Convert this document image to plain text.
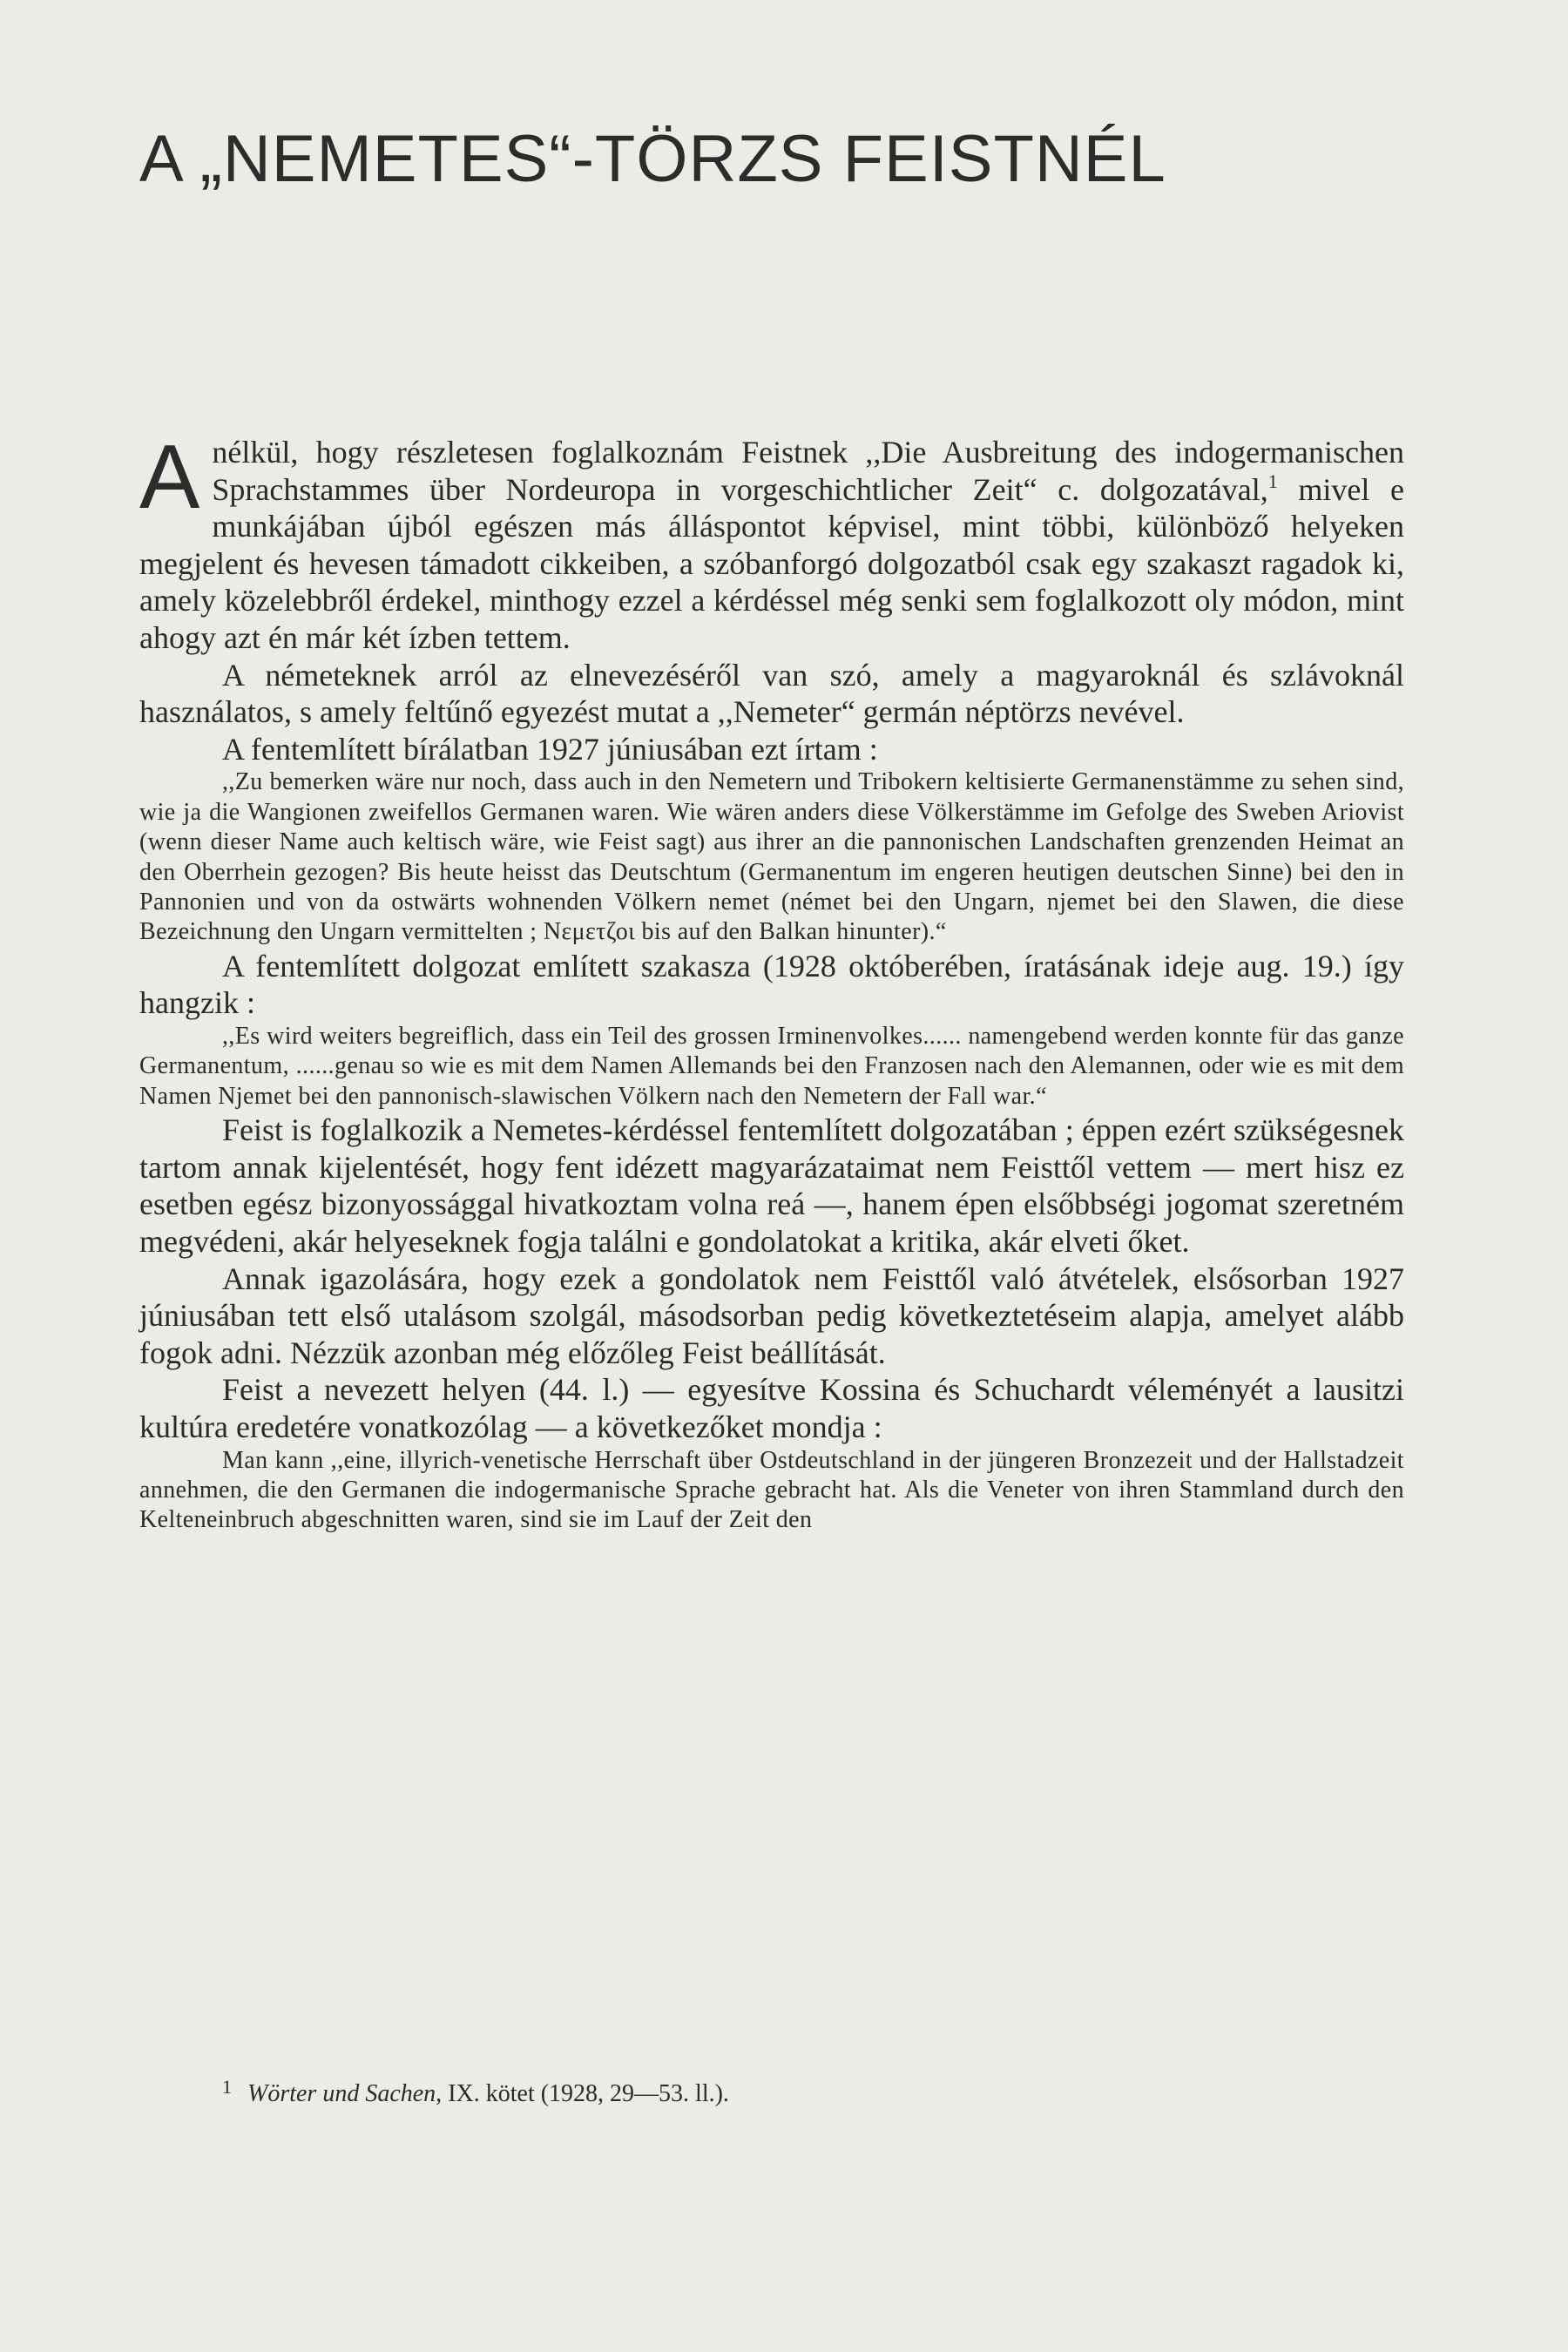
A „NEMETES“-TÖRZS FEISTNÉL

Anélkül, hogy részletesen foglalkoznám Feistnek ,,Die Ausbreitung des indogermanischen Sprachstammes über Nordeuropa in vorgeschichtlicher Zeit“ c. dolgozatával,$^1$ mivel e munkájában újból egészen más álláspontot képvisel, mint többi, különböző helyeken megjelent és hevesen támadott cikkeiben, a szóbanforgó dolgozatból csak egy szakaszt ragadok ki, amely közelebbről érdekel, minthogy ezzel a kérdéssel még senki sem foglalkozott oly módon, mint ahogy azt én már két ízben tettem.

A németeknek arról az elnevezéséről van szó, amely a magyaroknál és szlávoknál használatos, s amely feltűnő egyezést mutat a ,,Nemeter“ germán néptörzs nevével.

A fentemlített bírálatban 1927 júniusában ezt írtam :

,,Zu bemerken wäre nur noch, dass auch in den Nemetern und Tribokern keltisierte Germanenstämme zu sehen sind, wie ja die Wangionen zweifellos Germanen waren. Wie wären anders diese Völkerstämme im Gefolge des Sweben Ariovist (wenn dieser Name auch keltisch wäre, wie Feist sagt) aus ihrer an die pannonischen Landschaften grenzenden Heimat an den Oberrhein gezogen? Bis heute heisst das Deutschtum (Germanentum im engeren heutigen deutschen Sinne) bei den in Pannonien und von da ostwärts wohnenden Völkern nemet (német bei den Ungarn, njemet bei den Slawen, die diese Bezeichnung den Ungarn vermittelten ; Νεμετζοι bis auf den Balkan hinunter).“

A fentemlített dolgozat említett szakasza (1928 októberében, íratásának ideje aug. 19.) így hangzik :

,,Es wird weiters begreiflich, dass ein Teil des grossen Irminenvolkes...... namengebend werden konnte für das ganze Germanentum, ......genau so wie es mit dem Namen Allemands bei den Franzosen nach den Alemannen, oder wie es mit dem Namen Njemet bei den pannonisch-slawischen Völkern nach den Nemetern der Fall war.“

Feist is foglalkozik a Nemetes-kérdéssel fentemlített dolgozatában ; éppen ezért szükségesnek tartom annak kijelentését, hogy fent idézett magyarázataimat nem Feisttől vettem — mert hisz ez esetben egész bizonyossággal hivatkoztam volna reá —, hanem épen elsőbbségi jogomat szeretném megvédeni, akár helyeseknek fogja találni e gondolatokat a kritika, akár elveti őket.

Annak igazolására, hogy ezek a gondolatok nem Feisttől való átvételek, elsősorban 1927 júniusában tett első utalásom szolgál, másodsorban pedig következtetéseim alapja, amelyet alább fogok adni. Nézzük azonban még előzőleg Feist beállítását.

Feist a nevezett helyen (44. l.) — egyesítve Kossina és Schuchardt véleményét a lausitzi kultúra eredetére vonatkozólag — a következőket mondja :

Man kann ,,eine, illyrich-venetische Herrschaft über Ostdeutschland in der jüngeren Bronzezeit und der Hallstadzeit annehmen, die den Germanen die indogermanische Sprache gebracht hat. Als die Veneter von ihren Stammland durch den Kelteneinbruch abgeschnitten waren, sind sie im Lauf der Zeit den

$^1$ Wörter und Sachen, IX. kötet (1928, 29—53. ll.).
